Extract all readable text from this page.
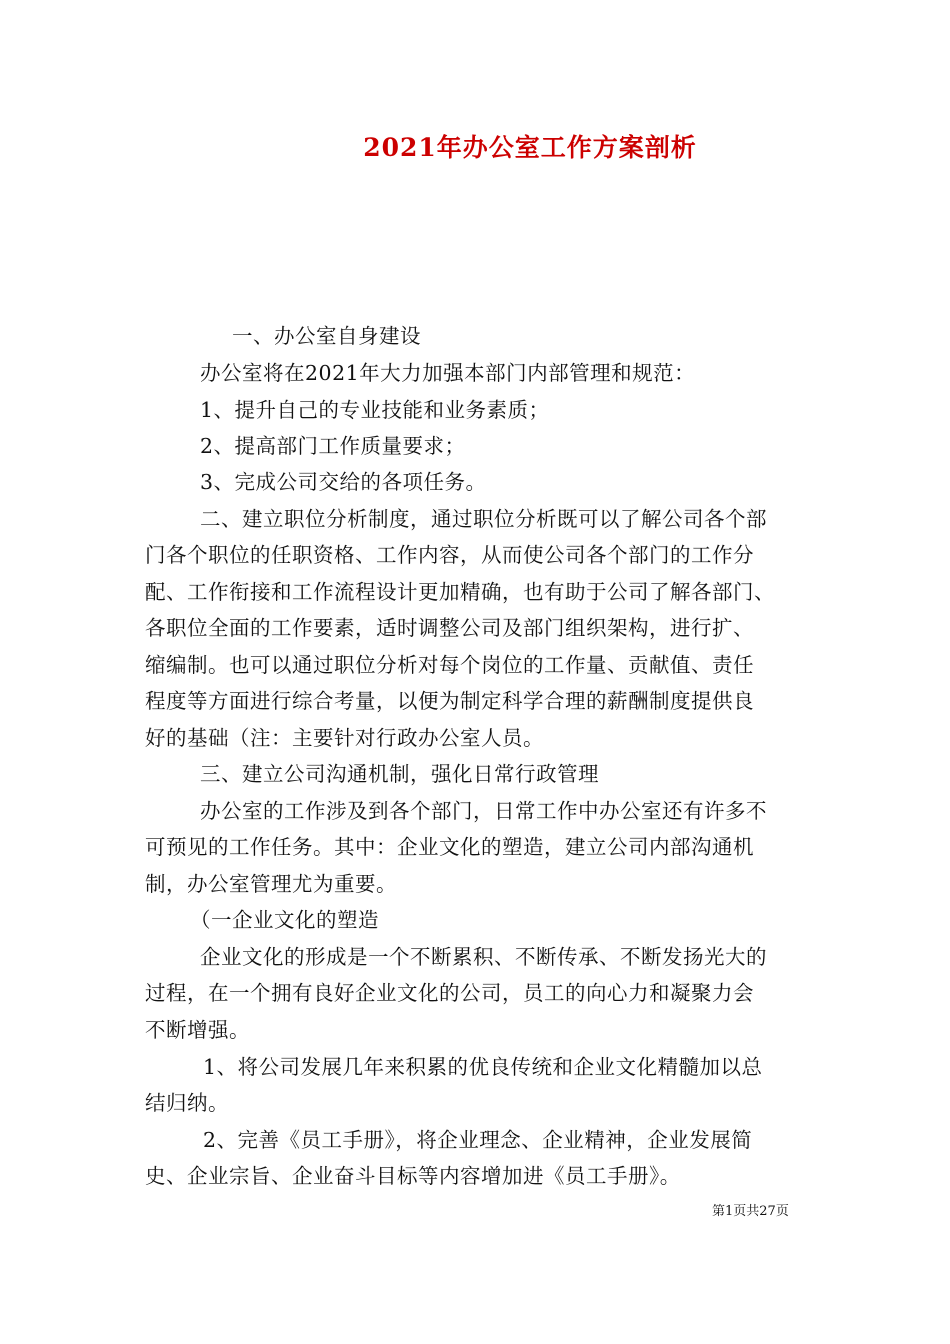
2021年办公室工作方案剖析
一、办公室自身建设
办公室将在2021年大力加强本部门内部管理和规范：
1、提升自己的专业技能和业务素质；
2、提高部门工作质量要求；
3、完成公司交给的各项任务。
二、建立职位分析制度，通过职位分析既可以了解公司各个部
门各个职位的任职资格、工作内容，从而使公司各个部门的工作分
配、工作衔接和工作流程设计更加精确，也有助于公司了解各部门、
各职位全面的工作要素，适时调整公司及部门组织架构，进行扩、
缩编制。也可以通过职位分析对每个岗位的工作量、贡献值、责任
程度等方面进行综合考量，以便为制定科学合理的薪酬制度提供良
好的基础（注：主要针对行政办公室人员。
三、建立公司沟通机制，强化日常行政管理
办公室的工作涉及到各个部门，日常工作中办公室还有许多不
可预见的工作任务。其中：企业文化的塑造，建立公司内部沟通机
制，办公室管理尤为重要。
（一企业文化的塑造
企业文化的形成是一个不断累积、不断传承、不断发扬光大的
过程，在一个拥有良好企业文化的公司，员工的向心力和凝聚力会
不断增强。
1、将公司发展几年来积累的优良传统和企业文化精髓加以总
结归纳。
2、完善《员工手册》，将企业理念、企业精神，企业发展简
史、企业宗旨、企业奋斗目标等内容增加进《员工手册》。
第1页共27页
